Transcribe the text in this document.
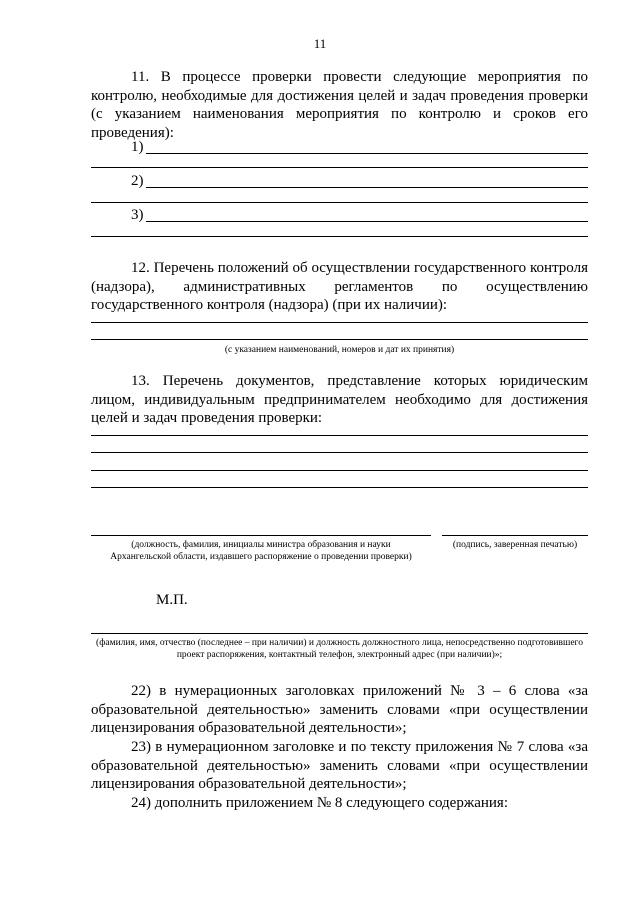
11
11. В процессе проверки провести следующие мероприятия по контролю, необходимые для достижения целей и задач проведения проверки (с указанием наименования мероприятия по контролю и сроков его проведения):
1)
2)
3)
12. Перечень положений об осуществлении государственного контроля (надзора), административных регламентов по осуществлению государственного контроля (надзора) (при их наличии):
(с указанием наименований, номеров и дат их принятия)
13. Перечень документов, представление которых юридическим лицом, индивидуальным предпринимателем необходимо для достижения целей и задач проведения проверки:
(должность, фамилия, инициалы министра образования и науки Архангельской области, издавшего распоряжение о проведении проверки)
(подпись, заверенная печатью)
М.П.
(фамилия, имя, отчество (последнее – при наличии) и должность должностного лица, непосредственно подготовившего проект распоряжения, контактный телефон, электронный адрес (при наличии)»;
22) в нумерационных заголовках приложений № 3 – 6 слова «за образовательной деятельностью» заменить словами «при осуществлении лицензирования образовательной деятельности»;
23) в нумерационном заголовке и по тексту приложения № 7 слова «за образовательной деятельностью» заменить словами «при осуществлении лицензирования образовательной деятельности»;
24) дополнить приложением № 8 следующего содержания:
